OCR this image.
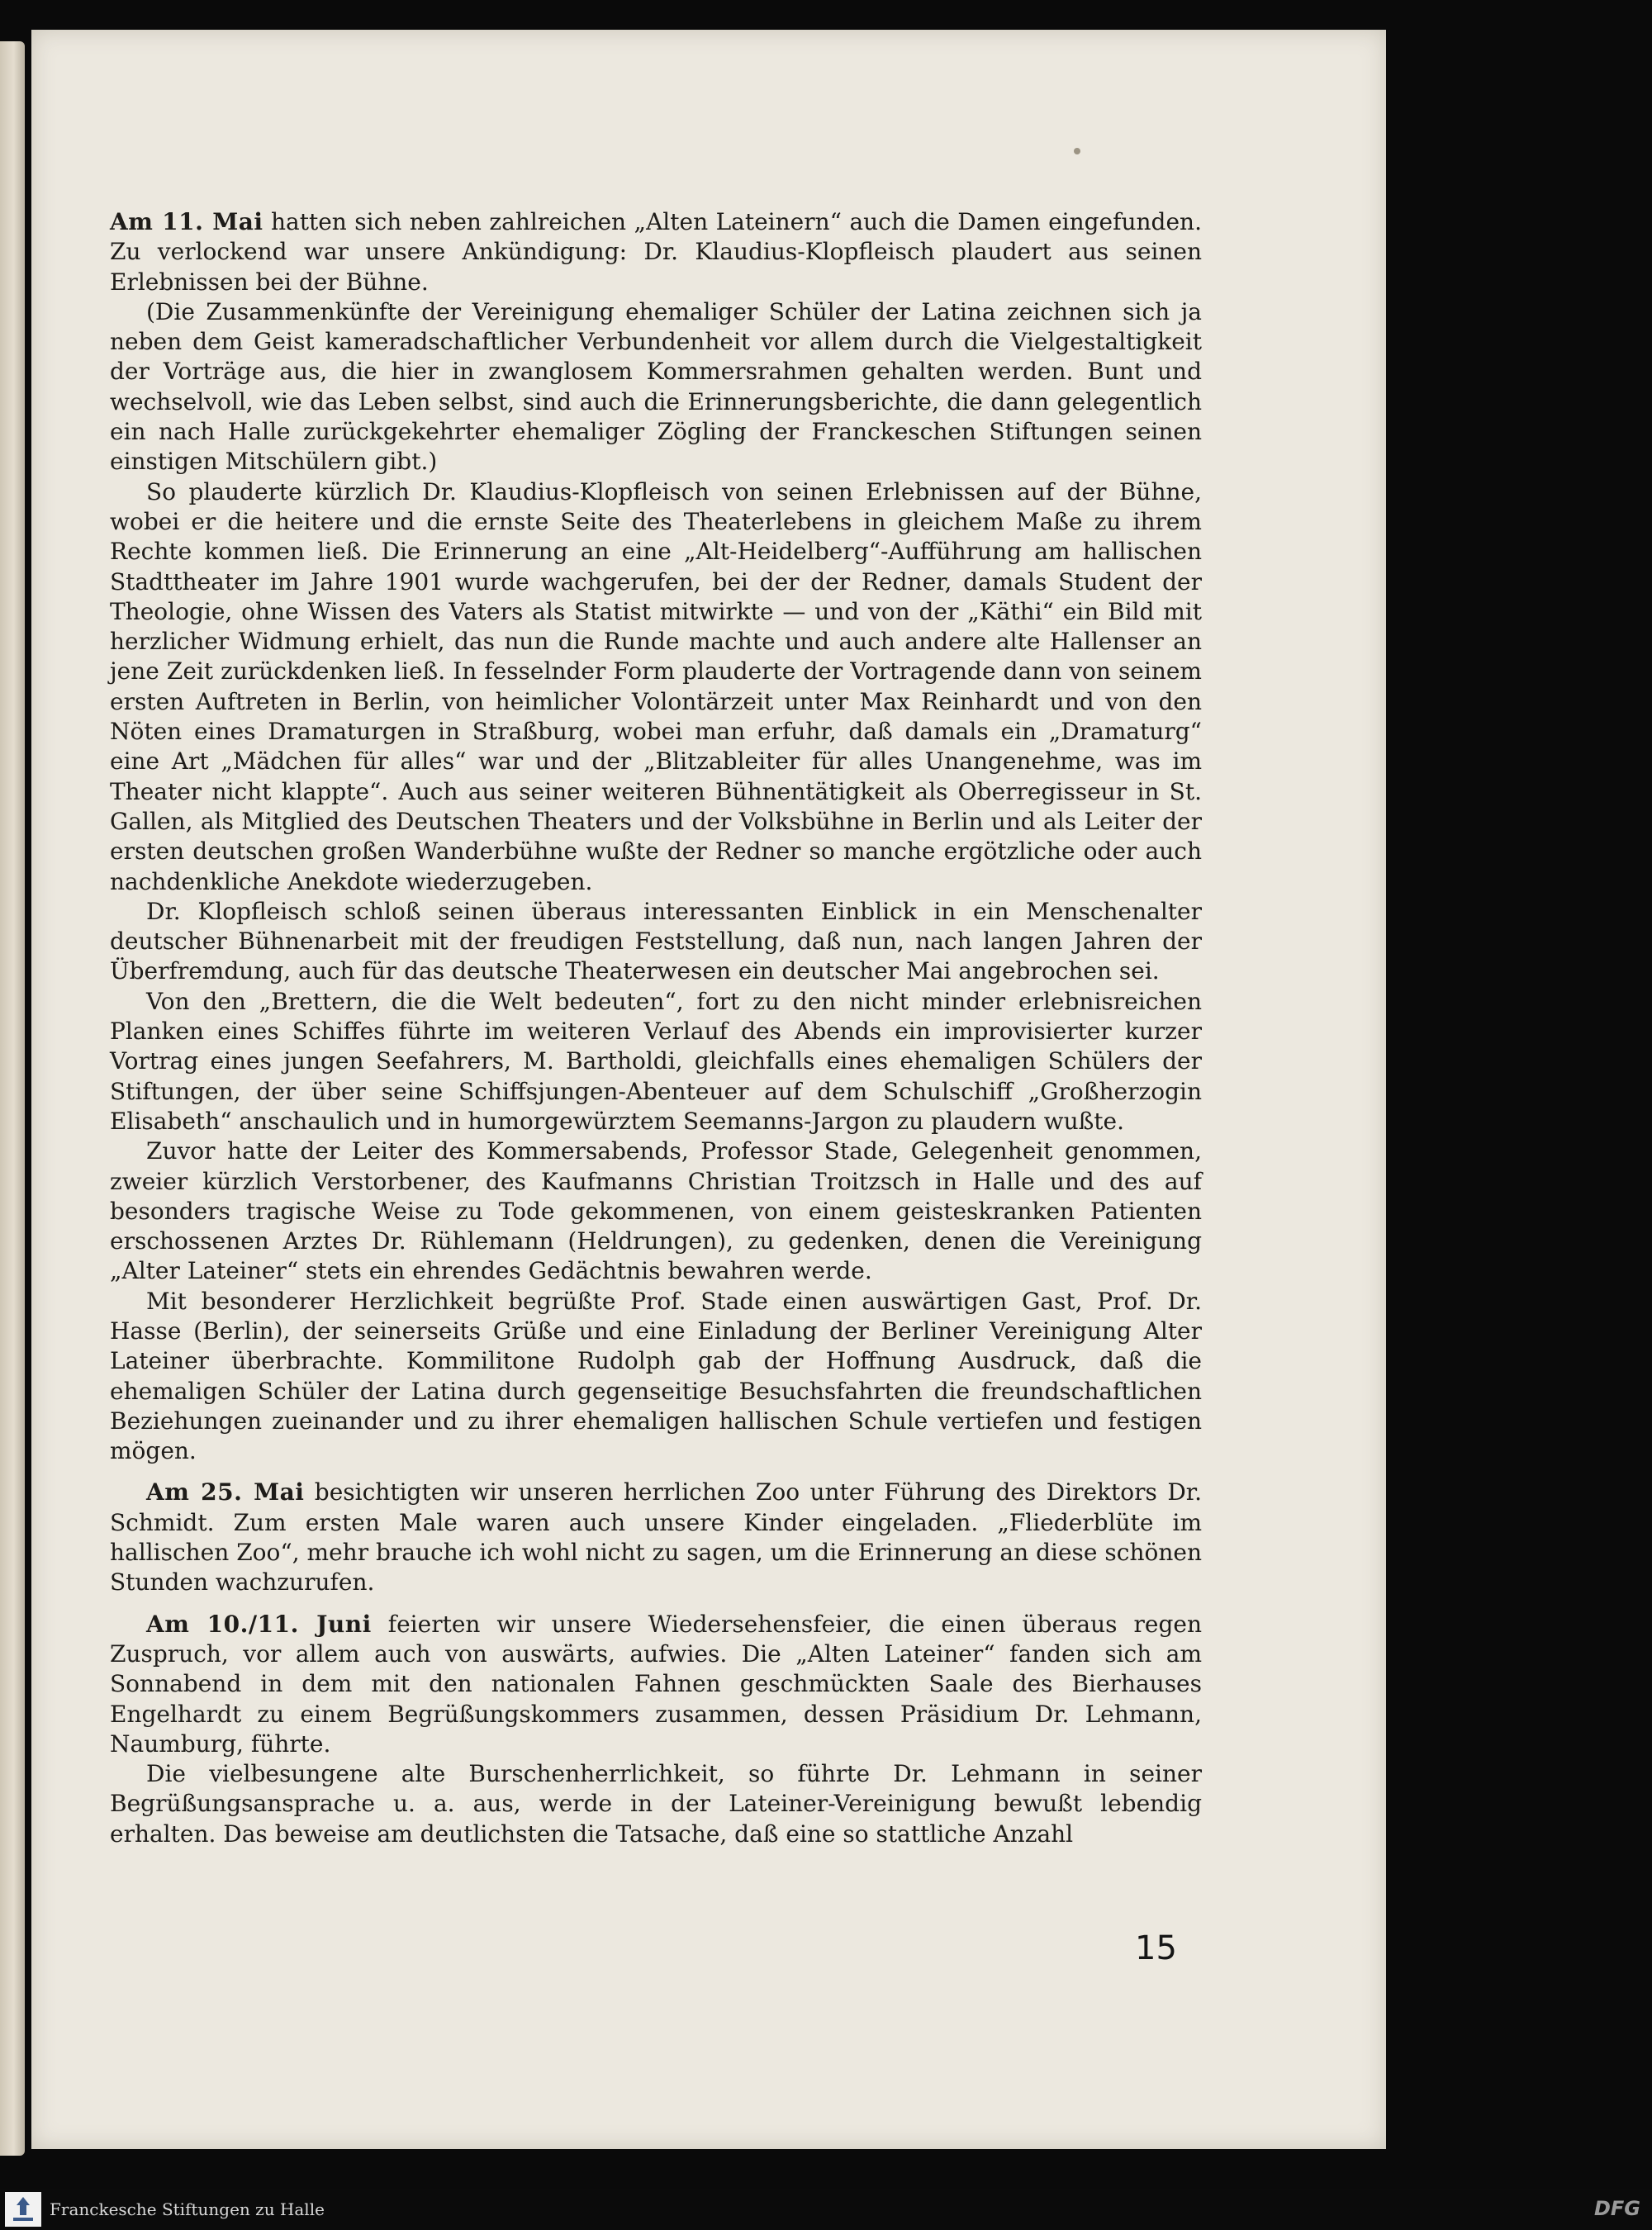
Am 11. Mai hatten sich neben zahlreichen „Alten Lateinern“ auch die Damen eingefunden. Zu verlockend war unsere Ankündigung: Dr. Klaudius-Klopfleisch plaudert aus seinen Erlebnissen bei der Bühne.

(Die Zusammenkünfte der Vereinigung ehemaliger Schüler der Latina zeichnen sich ja neben dem Geist kameradschaftlicher Verbundenheit vor allem durch die Vielgestaltigkeit der Vorträge aus, die hier in zwanglosem Kommersrahmen gehalten werden. Bunt und wechselvoll, wie das Leben selbst, sind auch die Erinnerungsberichte, die dann gelegentlich ein nach Halle zurückgekehrter ehemaliger Zögling der Franckeschen Stiftungen seinen einstigen Mitschülern gibt.)

So plauderte kürzlich Dr. Klaudius-Klopfleisch von seinen Erlebnissen auf der Bühne, wobei er die heitere und die ernste Seite des Theaterlebens in gleichem Maße zu ihrem Rechte kommen ließ. Die Erinnerung an eine „Alt-Heidelberg“-Aufführung am hallischen Stadttheater im Jahre 1901 wurde wachgerufen, bei der der Redner, damals Student der Theologie, ohne Wissen des Vaters als Statist mitwirkte — und von der „Käthi“ ein Bild mit herzlicher Widmung erhielt, das nun die Runde machte und auch andere alte Hallenser an jene Zeit zurückdenken ließ. In fesselnder Form plauderte der Vortragende dann von seinem ersten Auftreten in Berlin, von heimlicher Volontärzeit unter Max Reinhardt und von den Nöten eines Dramaturgen in Straßburg, wobei man erfuhr, daß damals ein „Dramaturg“ eine Art „Mädchen für alles“ war und der „Blitzableiter für alles Unangenehme, was im Theater nicht klappte“. Auch aus seiner weiteren Bühnentätigkeit als Oberregisseur in St. Gallen, als Mitglied des Deutschen Theaters und der Volksbühne in Berlin und als Leiter der ersten deutschen großen Wanderbühne wußte der Redner so manche ergötzliche oder auch nachdenkliche Anekdote wiederzugeben.

Dr. Klopfleisch schloß seinen überaus interessanten Einblick in ein Menschenalter deutscher Bühnenarbeit mit der freudigen Feststellung, daß nun, nach langen Jahren der Überfremdung, auch für das deutsche Theaterwesen ein deutscher Mai angebrochen sei.

Von den „Brettern, die die Welt bedeuten“, fort zu den nicht minder erlebnisreichen Planken eines Schiffes führte im weiteren Verlauf des Abends ein improvisierter kurzer Vortrag eines jungen Seefahrers, M. Bartholdi, gleichfalls eines ehemaligen Schülers der Stiftungen, der über seine Schiffsjungen-Abenteuer auf dem Schulschiff „Großherzogin Elisabeth“ anschaulich und in humorgewürztem Seemanns-Jargon zu plaudern wußte.

Zuvor hatte der Leiter des Kommersabends, Professor Stade, Gelegenheit genommen, zweier kürzlich Verstorbener, des Kaufmanns Christian Troitzsch in Halle und des auf besonders tragische Weise zu Tode gekommenen, von einem geisteskranken Patienten erschossenen Arztes Dr. Rühlemann (Heldrungen), zu gedenken, denen die Vereinigung „Alter Lateiner“ stets ein ehrendes Gedächtnis bewahren werde.

Mit besonderer Herzlichkeit begrüßte Prof. Stade einen auswärtigen Gast, Prof. Dr. Hasse (Berlin), der seinerseits Grüße und eine Einladung der Berliner Vereinigung Alter Lateiner überbrachte. Kommilitone Rudolph gab der Hoffnung Ausdruck, daß die ehemaligen Schüler der Latina durch gegenseitige Besuchsfahrten die freundschaftlichen Beziehungen zueinander und zu ihrer ehemaligen hallischen Schule vertiefen und festigen mögen.

Am 25. Mai besichtigten wir unseren herrlichen Zoo unter Führung des Direktors Dr. Schmidt. Zum ersten Male waren auch unsere Kinder eingeladen. „Fliederblüte im hallischen Zoo“, mehr brauche ich wohl nicht zu sagen, um die Erinnerung an diese schönen Stunden wachzurufen.

Am 10./11. Juni feierten wir unsere Wiedersehensfeier, die einen überaus regen Zuspruch, vor allem auch von auswärts, aufwies. Die „Alten Lateiner“ fanden sich am Sonnabend in dem mit den nationalen Fahnen geschmückten Saale des Bierhauses Engelhardt zu einem Begrüßungskommers zusammen, dessen Präsidium Dr. Lehmann, Naumburg, führte.

Die vielbesungene alte Burschenherrlichkeit, so führte Dr. Lehmann in seiner Begrüßungsansprache u. a. aus, werde in der Lateiner-Vereinigung bewußt lebendig erhalten. Das beweise am deutlichsten die Tatsache, daß eine so stattliche Anzahl

15
Franckesche Stiftungen zu Halle	DFG
